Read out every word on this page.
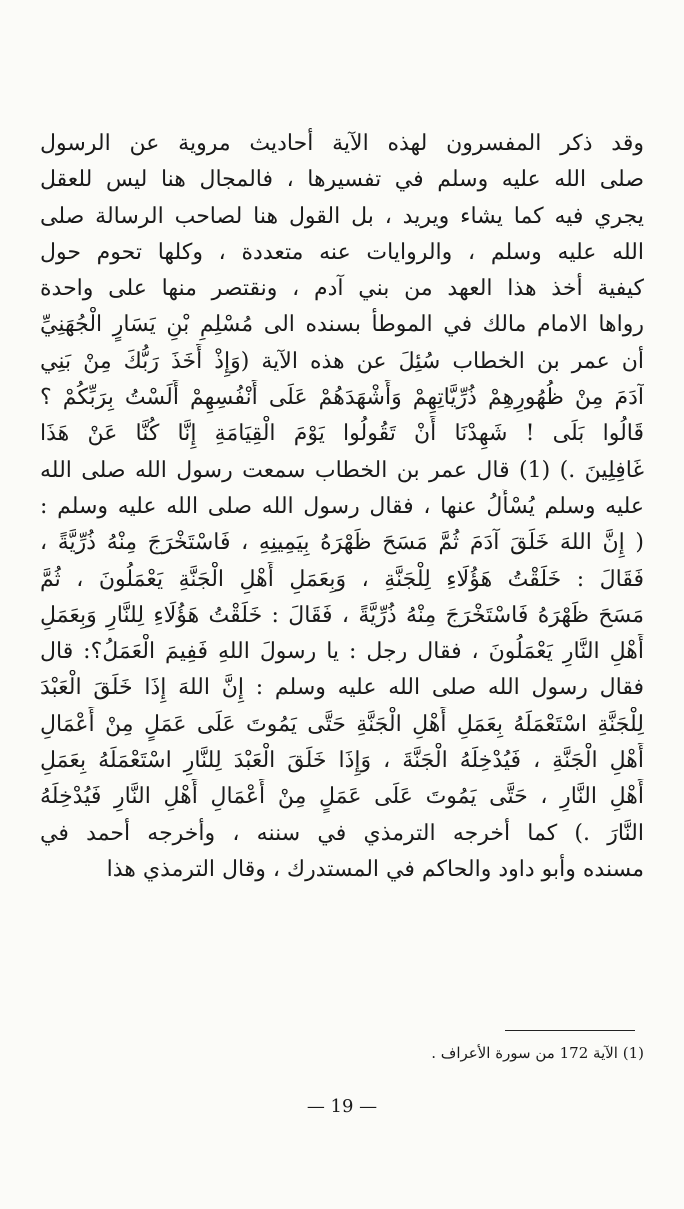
وقد ذكر المفسرون لهذه الآية أحاديث مروية عن الرسول
صلى الله عليه وسلم في تفسيرها ، فالمجال هنا ليس للعقل
يجري فيه كما يشاء ويريد ، بل القول هنا لصاحب الرسالة صلى
الله عليه وسلم ، والروايات عنه متعددة ، وكلها تحوم حول
كيفية أخذ هذا العهد من بني آدم ، ونقتصر منها على واحدة
رواها الامام مالك في الموطأ بسنده الى مُسْلِمِ بْنِ يَسَارٍ الْجُهَنِيِّ
أن عمر بن الخطاب سُئِلَ عن هذه الآية (وَإِذْ أَخَذَ رَبُّكَ مِنْ بَنِي
آدَمَ مِنْ ظُهُورِهِمْ ذُرِّيَّاتِهِمْ وَأَشْهَدَهُمْ عَلَى أَنْفُسِهِمْ أَلَسْتُ بِرَبِّكُمْ ؟
قَالُوا بَلَى ! شَهِدْنَا أَنْ تَقُولُوا يَوْمَ الْقِيَامَةِ إِنَّا كُنَّا عَنْ هَذَا
غَافِلِينَ .) (1) قال عمر بن الخطاب سمعت رسول الله صلى الله
عليه وسلم يُسْأَلُ عنها ، فقال رسول الله صلى الله عليه وسلم :
( إِنَّ اللهَ خَلَقَ آدَمَ ثُمَّ مَسَحَ ظَهْرَهُ بِيَمِينِهِ ، فَاسْتَخْرَجَ مِنْهُ ذُرِّيَّةً ،
فَقَالَ : خَلَقْتُ هَؤُلَاءِ لِلْجَنَّةِ ، وَبِعَمَلِ أَهْلِ الْجَنَّةِ يَعْمَلُونَ ، ثُمَّ
مَسَحَ ظَهْرَهُ فَاسْتَخْرَجَ مِنْهُ ذُرِّيَّةً ، فَقَالَ : خَلَقْتُ هَؤُلَاءِ لِلنَّارِ وَبِعَمَلِ
أَهْلِ النَّارِ يَعْمَلُونَ ، فقال رجل : يا رسولَ اللهِ فَفِيمَ الْعَمَلُ؟: قال
فقال رسول الله صلى الله عليه وسلم : إِنَّ اللهَ إِذَا خَلَقَ الْعَبْدَ
لِلْجَنَّةِ اسْتَعْمَلَهُ بِعَمَلِ أَهْلِ الْجَنَّةِ حَتَّى يَمُوتَ عَلَى عَمَلٍ مِنْ أَعْمَالِ
أَهْلِ الْجَنَّةِ ، فَيُدْخِلَهُ الْجَنَّةَ ، وَإِذَا خَلَقَ الْعَبْدَ لِلنَّارِ اسْتَعْمَلَهُ بِعَمَلِ
أَهْلِ النَّارِ ، حَتَّى يَمُوتَ عَلَى عَمَلٍ مِنْ أَعْمَالِ أَهْلِ النَّارِ فَيُدْخِلَهُ
النَّارَ .) كما أخرجه الترمذي في سننه ، وأخرجه أحمد في
مسنده وأبو داود والحاكم في المستدرك ، وقال الترمذي هذا
(1) الآية 172 من سورة الأعراف .
— 19 —
